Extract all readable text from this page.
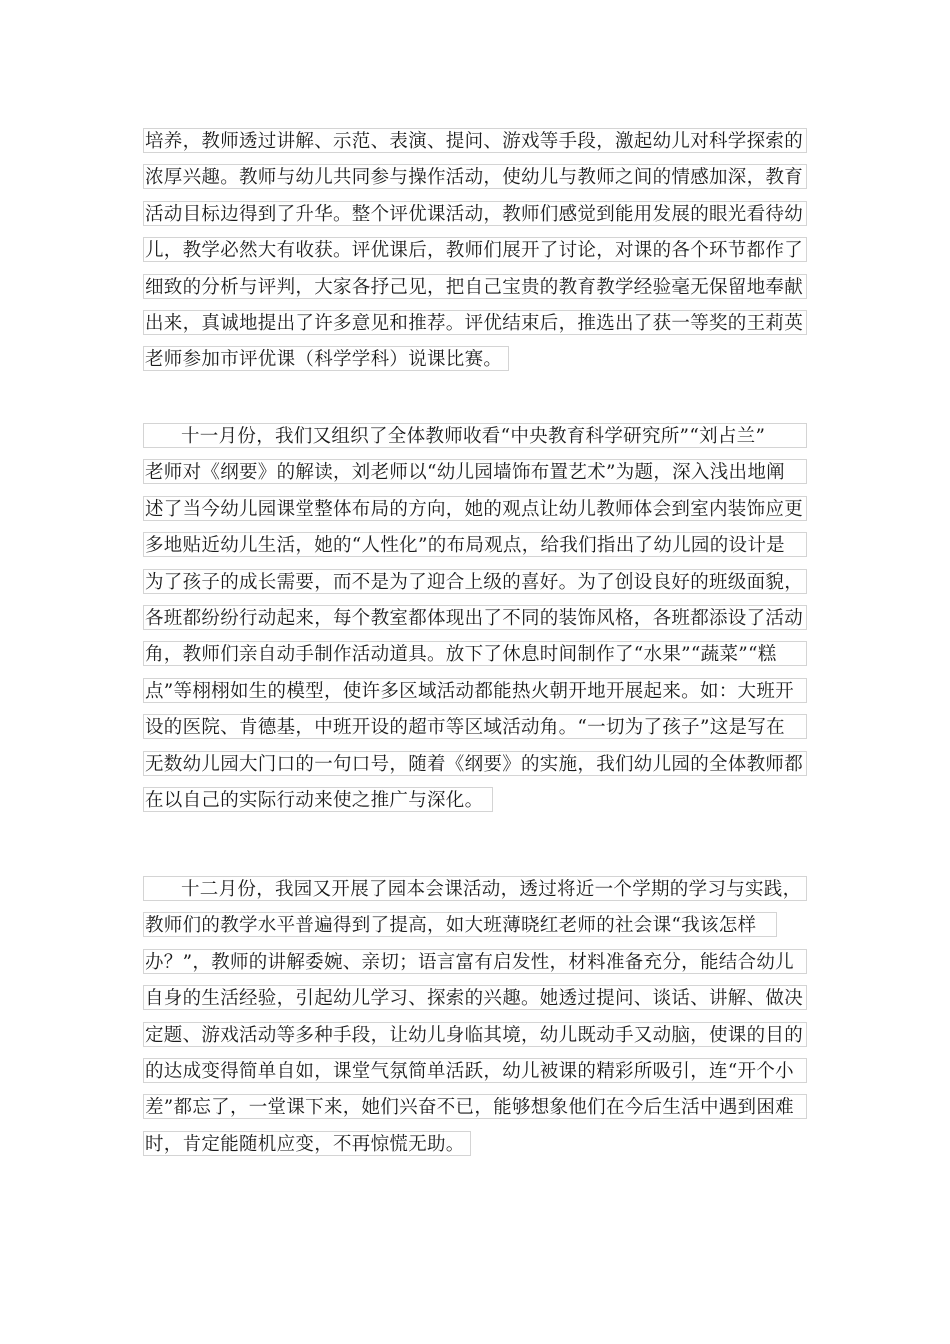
培养，教师透过讲解、示范、表演、提问、游戏等手段，激起幼儿对科学探索的
浓厚兴趣。教师与幼儿共同参与操作活动，使幼儿与教师之间的情感加深，教育
活动目标边得到了升华。整个评优课活动，教师们感觉到能用发展的眼光看待幼
儿，教学必然大有收获。评优课后，教师们展开了讨论，对课的各个环节都作了
细致的分析与评判，大家各抒己见，把自己宝贵的教育教学经验毫无保留地奉献
出来，真诚地提出了许多意见和推荐。评优结束后，推选出了获一等奖的王莉英
老师参加市评优课（科学学科）说课比赛。
十一月份，我们又组织了全体教师收看“中央教育科学研究所”“刘占兰”
老师对《纲要》的解读，刘老师以“幼儿园墙饰布置艺术”为题，深入浅出地阐
述了当今幼儿园课堂整体布局的方向，她的观点让幼儿教师体会到室内装饰应更
多地贴近幼儿生活，她的“人性化”的布局观点，给我们指出了幼儿园的设计是
为了孩子的成长需要，而不是为了迎合上级的喜好。为了创设良好的班级面貌，
各班都纷纷行动起来，每个教室都体现出了不同的装饰风格，各班都添设了活动
角，教师们亲自动手制作活动道具。放下了休息时间制作了“水果”“蔬菜”“糕
点”等栩栩如生的模型，使许多区域活动都能热火朝开地开展起来。如：大班开
设的医院、肯德基，中班开设的超市等区域活动角。“一切为了孩子”这是写在
无数幼儿园大门口的一句口号，随着《纲要》的实施，我们幼儿园的全体教师都
在以自己的实际行动来使之推广与深化。
十二月份，我园又开展了园本会课活动，透过将近一个学期的学习与实践，
教师们的教学水平普遍得到了提高，如大班薄晓红老师的社会课“我该怎样
办？”，教师的讲解委婉、亲切；语言富有启发性，材料准备充分，能结合幼儿
自身的生活经验，引起幼儿学习、探索的兴趣。她透过提问、谈话、讲解、做决
定题、游戏活动等多种手段，让幼儿身临其境，幼儿既动手又动脑，使课的目的
的达成变得简单自如，课堂气氛简单活跃，幼儿被课的精彩所吸引，连“开个小
差”都忘了，一堂课下来，她们兴奋不已，能够想象他们在今后生活中遇到困难
时，肯定能随机应变，不再惊慌无助。
